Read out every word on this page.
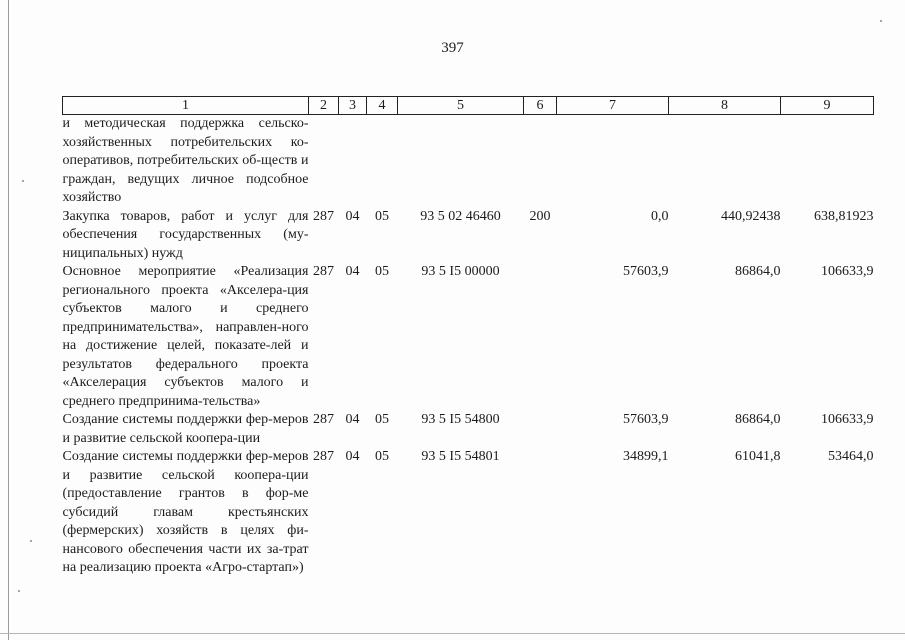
397
1	2	3	4	5	6	7	8	9
и методическая поддержка сельско-хозяйственных потребительских ко-оперативов, потребительских об-ществ и граждан, ведущих личное подсобное хозяйство								
Закупка товаров, работ и услуг для обеспечения государственных (му-ниципальных) нужд	287	04	05	93 5 02 46460	200	0,0	440,92438	638,81923
Основное мероприятие «Реализация регионального проекта «Акселера-ция субъектов малого и среднего предпринимательства», направлен-ного на достижение целей, показате-лей и результатов федерального проекта «Акселерация субъектов малого и среднего предпринима-тельства»	287	04	05	93 5 I5 00000		57603,9	86864,0	106633,9
Создание системы поддержки фер-меров и развитие сельской коопера-ции	287	04	05	93 5 I5 54800		57603,9	86864,0	106633,9
Создание системы поддержки фер-меров и развитие сельской коопера-ции (предоставление грантов в фор-ме субсидий главам крестьянских (фермерских) хозяйств в целях фи-нансового обеспечения части их за-трат на реализацию проекта «Агро-стартап»)	287	04	05	93 5 I5 54801		34899,1	61041,8	53464,0
